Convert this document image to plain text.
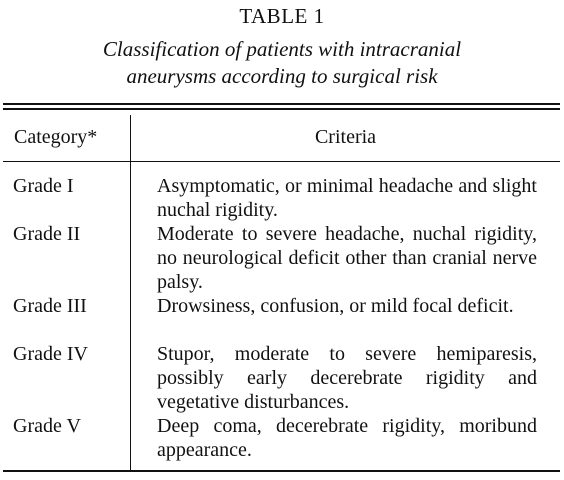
TABLE 1
Classification of patients with intracranial
aneurysms according to surgical risk
Category*	Criteria
Grade I	Asymptomatic, or minimal headache and slight nuchal rigidity.
Grade II	Moderate to severe headache, nuchal rigidity, no neurological deficit other than cranial nerve palsy.
Grade III	Drowsiness, confusion, or mild focal deficit.
Grade IV	Stupor, moderate to severe hemiparesis, possibly early decerebrate rigidity and vegetative disturbances.
Grade V	Deep coma, decerebrate rigidity, moribund appearance.
